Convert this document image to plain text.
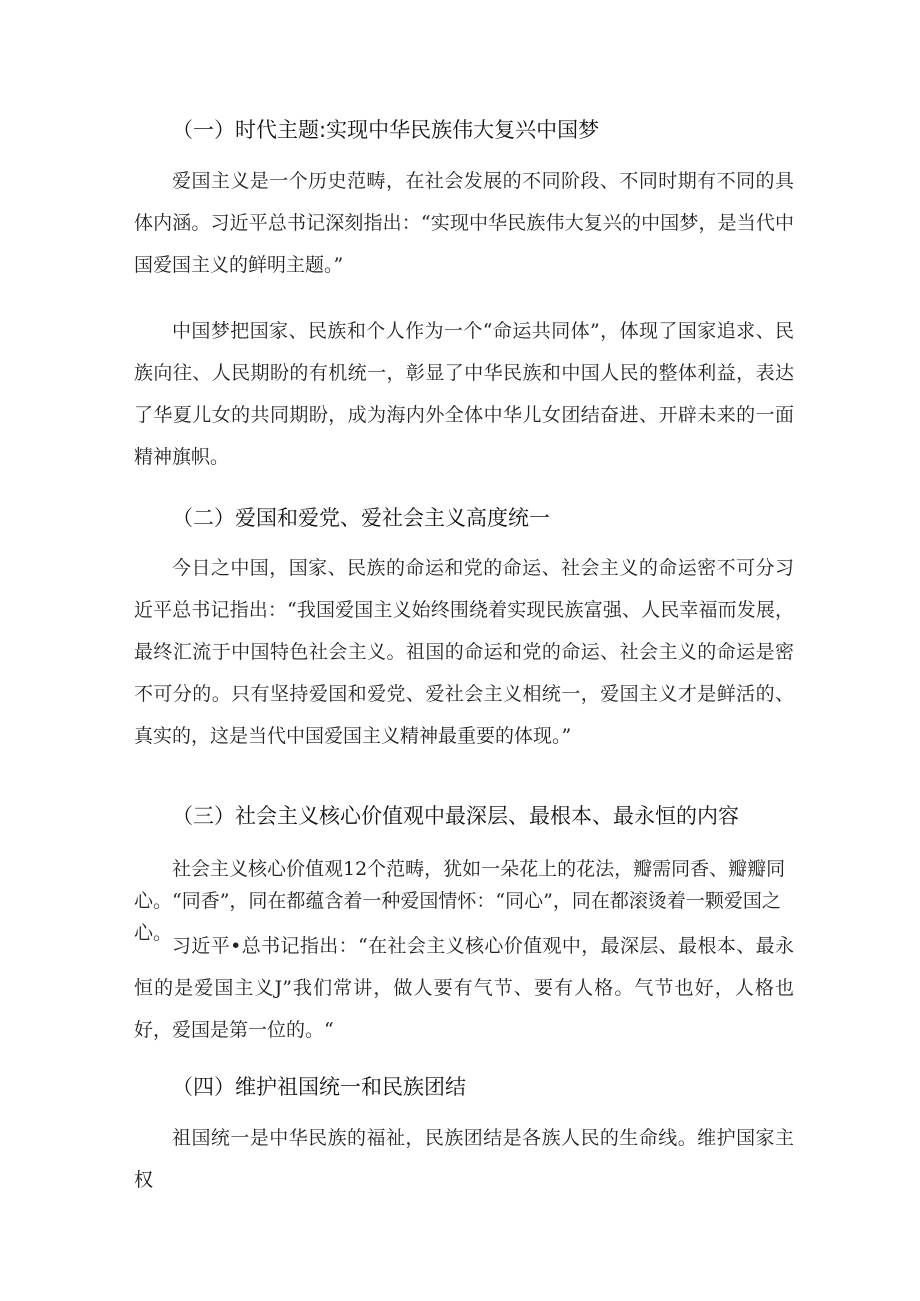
（一）时代主题:实现中华民族伟大复兴中国梦

爱国主义是一个历史范畴，在社会发展的不同阶段、不同时期有不同的具体内涵。习近平总书记深刻指出：“实现中华民族伟大复兴的中国梦，是当代中国爱国主义的鲜明主题。”

中国梦把国家、民族和个人作为一个“命运共同体”，体现了国家追求、民族向往、人民期盼的有机统一，彰显了中华民族和中国人民的整体利益，表达了华夏儿女的共同期盼，成为海内外全体中华儿女团结奋进、开辟未来的一面精神旗帜。

（二）爱国和爱党、爱社会主义高度统一

今日之中国，国家、民族的命运和党的命运、社会主义的命运密不可分习近平总书记指出：“我国爱国主义始终围绕着实现民族富强、人民幸福而发展，最终汇流于中国特色社会主义。祖国的命运和党的命运、社会主义的命运是密不可分的。只有坚持爱国和爱党、爱社会主义相统一，爱国主义才是鲜活的、真实的，这是当代中国爱国主义精神最重要的体现。”

（三）社会主义核心价值观中最深层、最根本、最永恒的内容

社会主义核心价值观12个范畴，犹如一朵花上的花法，瓣需同香、瓣瓣同心。“同香”，同在都蕴含着一种爱国情怀：“同心”，同在都滚烫着一颗爱国之心。

习近平•总书记指出：“在社会主义核心价值观中，最深层、最根本、最永恒的是爱国主义J”我们常讲，做人要有气节、要有人格。气节也好，人格也好，爱国是第一位的。“

（四）维护祖国统一和民族团结

祖国统一是中华民族的福祉，民族团结是各族人民的生命线。维护国家主权
